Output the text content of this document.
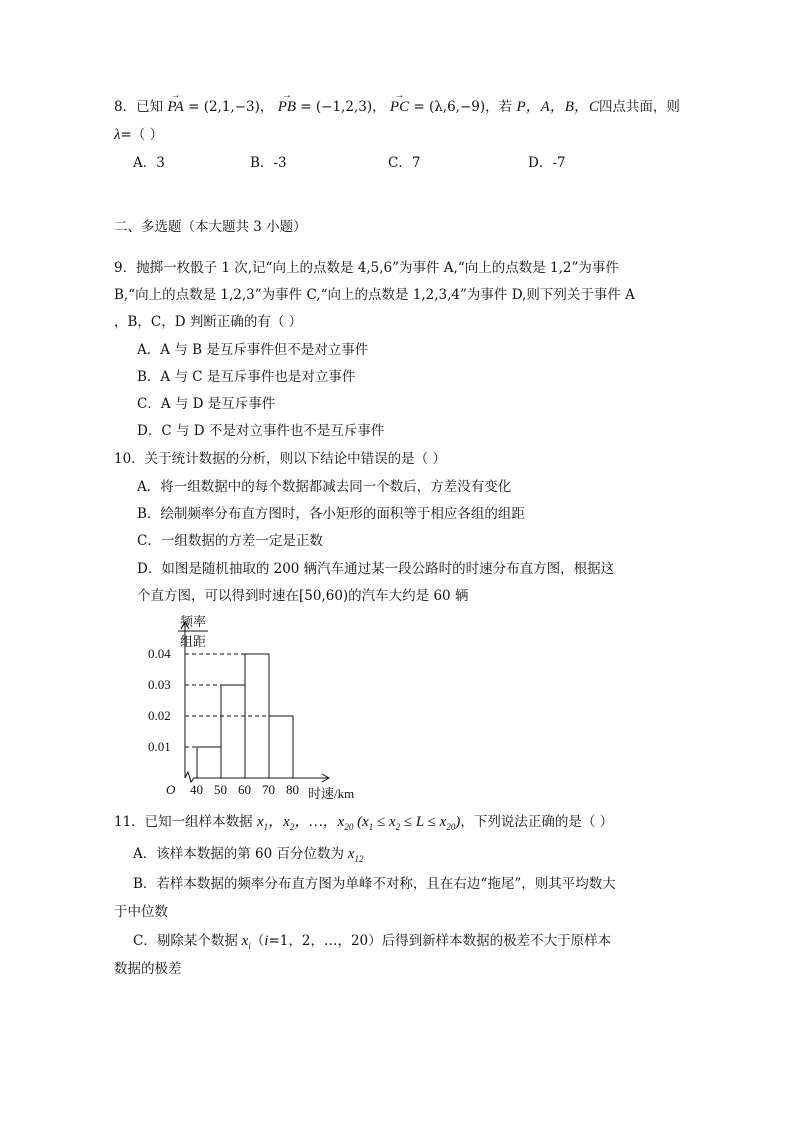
8．已知 → PA = (2,1,−3)， → PB = (−1,2,3)， → PC = (λ,6,−9)，若 P，A，B，C四点共面，则
λ=（ ）
A．3	B．-3	C．7	D．-7
二、多选题（本大题共 3 小题）
9．抛掷一枚骰子 1 次,记“向上的点数是 4,5,6”为事件 A,“向上的点数是 1,2”为事件
B,“向上的点数是 1,2,3”为事件 C,“向上的点数是 1,2,3,4”为事件 D,则下列关于事件 A
，B，C，D 判断正确的有（ ）
A．A 与 B 是互斥事件但不是对立事件
B．A 与 C 是互斥事件也是对立事件
C．A 与 D 是互斥事件
D．C 与 D 不是对立事件也不是互斥事件
10．关于统计数据的分析，则以下结论中错误的是（ ）
A．将一组数据中的每个数据都减去同一个数后，方差没有变化
B．绘制频率分布直方图时，各小矩形的面积等于相应各组的组距
C．一组数据的方差一定是正数
D．如图是随机抽取的 200 辆汽车通过某一段公路时的时速分布直方图，根据这
个直方图，可以得到时速在[50,60)的汽车大约是 60 辆
频率
组距
O
0.04
0.03
0.02
0.01
40 50 60 70 80 时速/km
11．已知一组样本数据 $x_1$，$x_2$，…，$x_{20}$ $(x_1 \le x_2 \le L \le x_{20})$，下列说法正确的是（ ）
A．该样本数据的第 60 百分位数为 $x_{12}$
B．若样本数据的频率分布直方图为单峰不对称，且在右边“拖尾”，则其平均数大
于中位数
C．剔除某个数据 $x_i(i=1$，2，…，20）后得到新样本数据的极差不大于原样本
数据的极差
